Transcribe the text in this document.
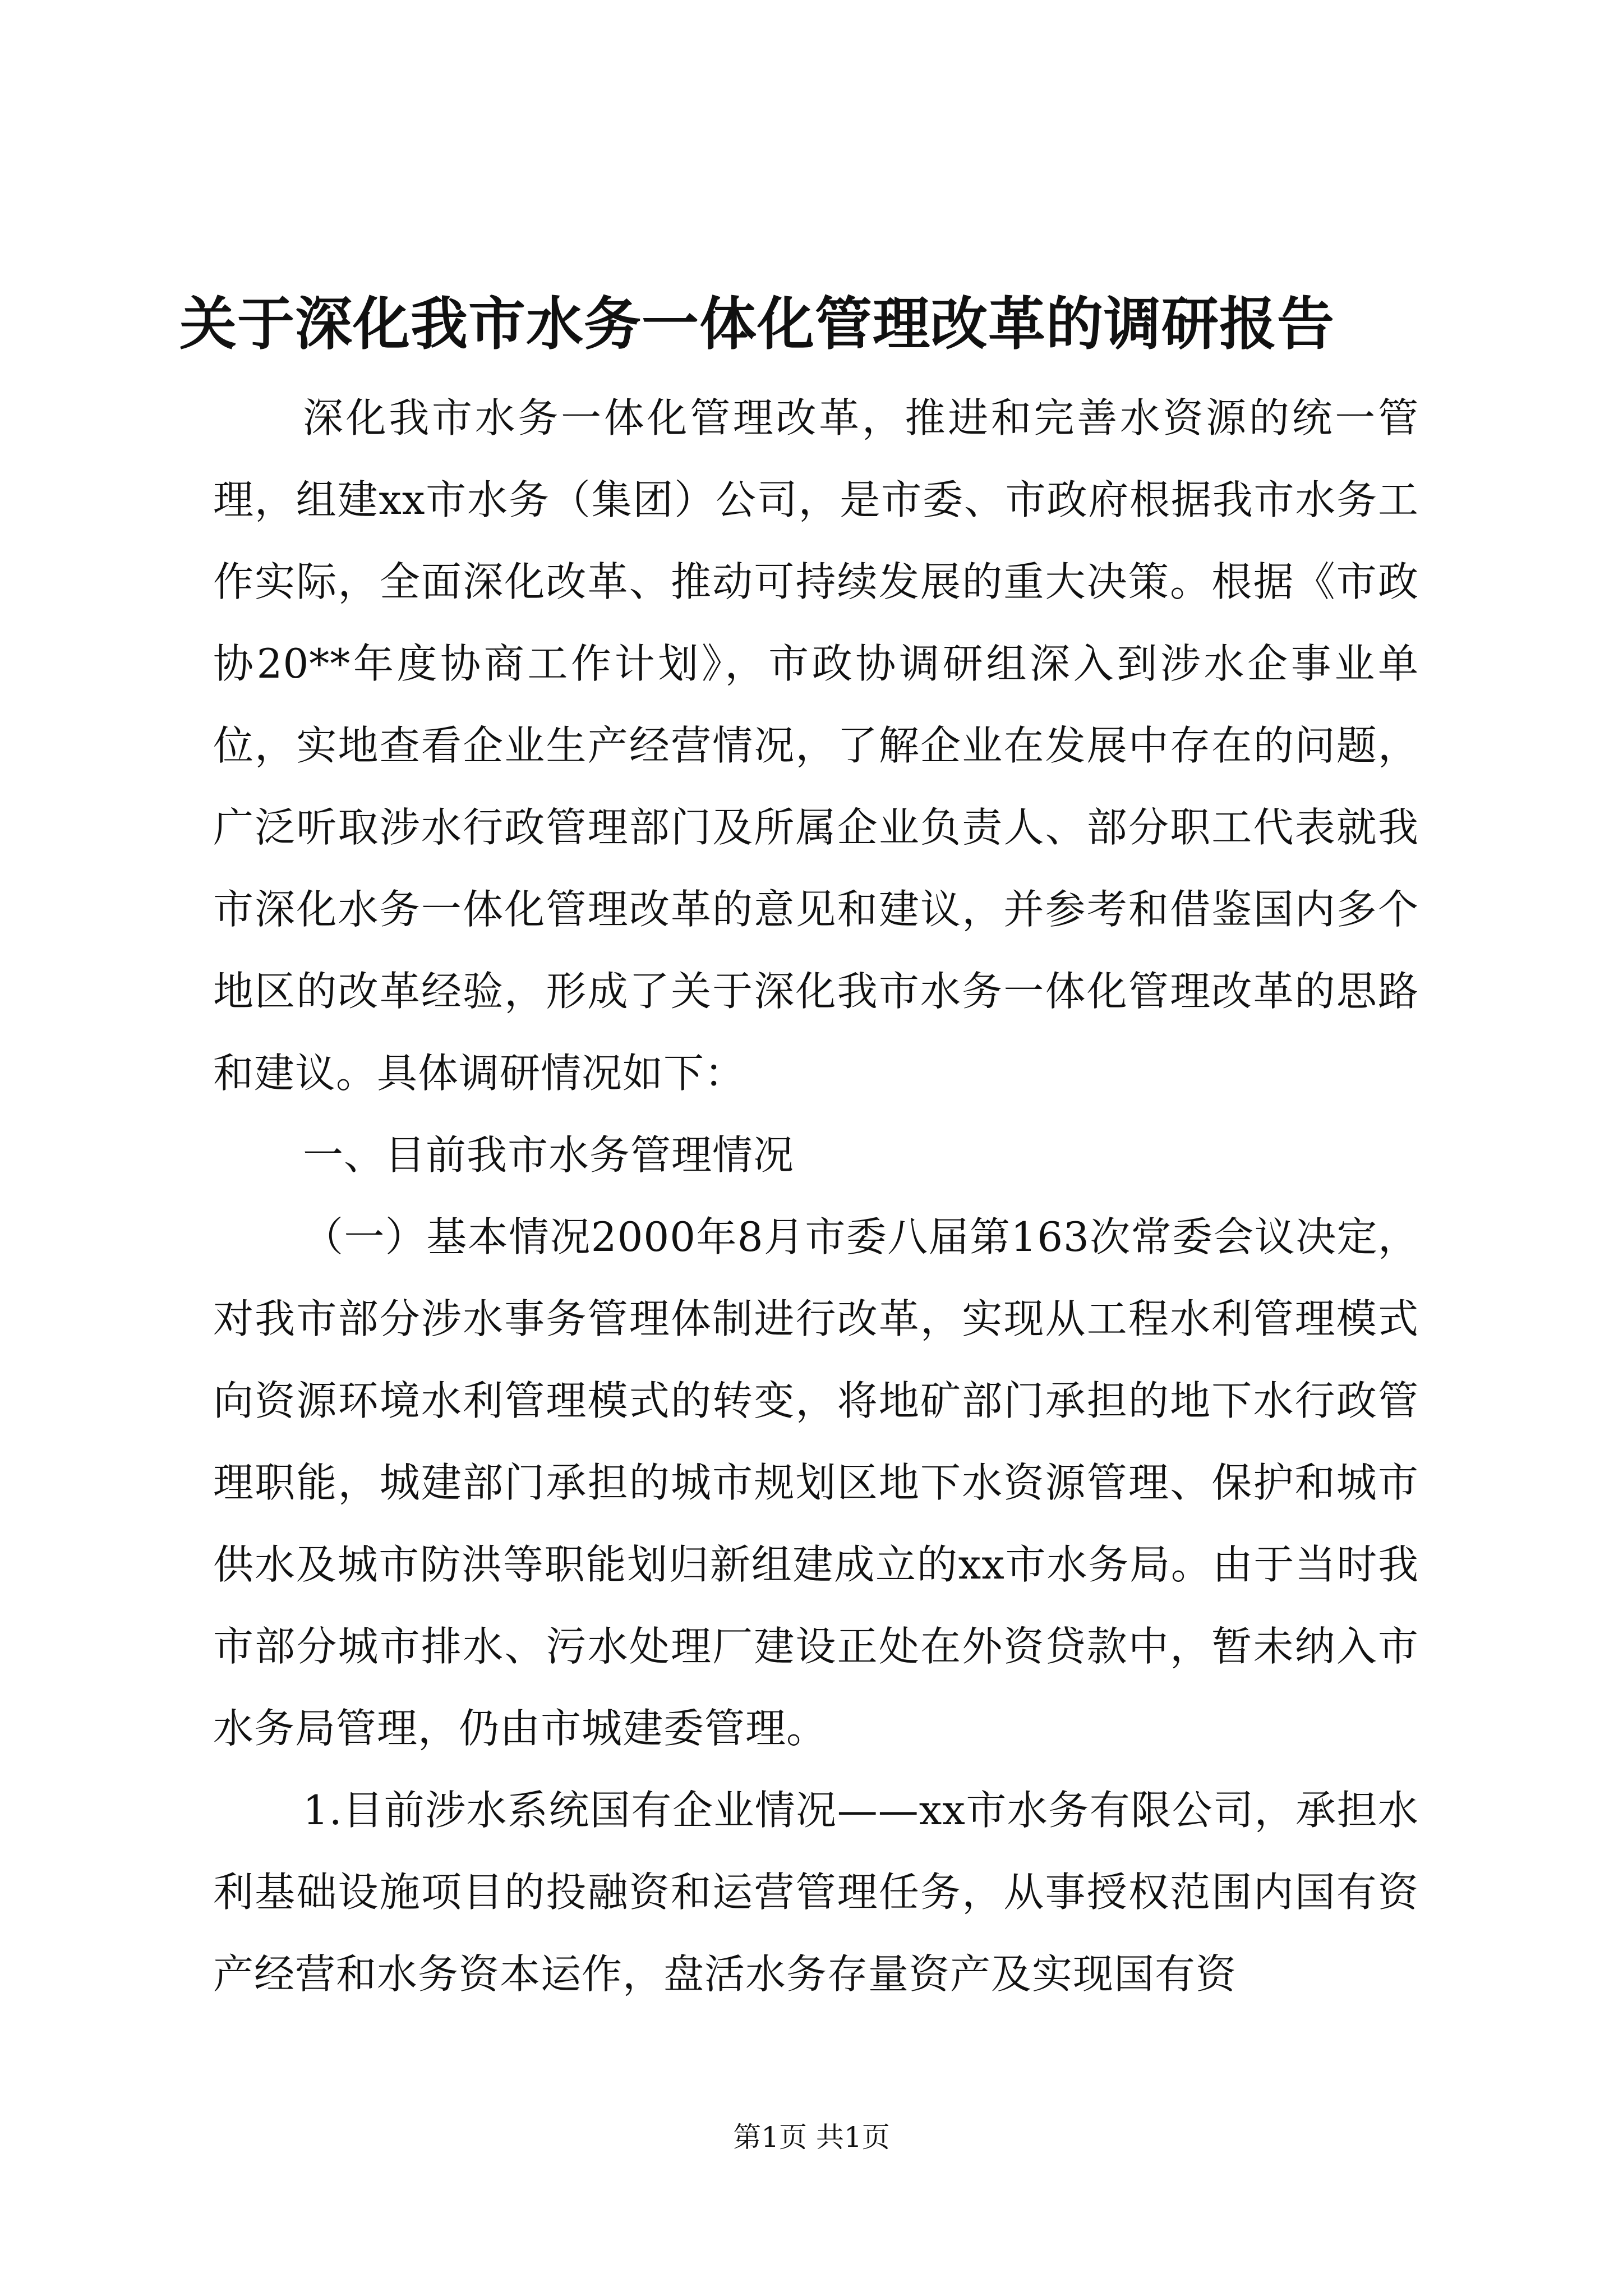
关于深化我市水务一体化管理改革的调研报告

深化我市水务一体化管理改革，推进和完善水资源的统一管理，组建xx市水务（集团）公司，是市委、市政府根据我市水务工作实际，全面深化改革、推动可持续发展的重大决策。根据《市政协20**年度协商工作计划》，市政协调研组深入到涉水企事业单位，实地查看企业生产经营情况，了解企业在发展中存在的问题，广泛听取涉水行政管理部门及所属企业负责人、部分职工代表就我市深化水务一体化管理改革的意见和建议，并参考和借鉴国内多个地区的改革经验，形成了关于深化我市水务一体化管理改革的思路和建议。具体调研情况如下：

一、目前我市水务管理情况

（一）基本情况2000年8月市委八届第163次常委会议决定，对我市部分涉水事务管理体制进行改革，实现从工程水利管理模式向资源环境水利管理模式的转变，将地矿部门承担的地下水行政管理职能，城建部门承担的城市规划区地下水资源管理、保护和城市供水及城市防洪等职能划归新组建成立的xx市水务局。由于当时我市部分城市排水、污水处理厂建设正处在外资贷款中，暂未纳入市水务局管理，仍由市城建委管理。

1.目前涉水系统国有企业情况——xx市水务有限公司，承担水利基础设施项目的投融资和运营管理任务，从事授权范围内国有资产经营和水务资本运作，盘活水务存量资产及实现国有资

第1页 共1页
